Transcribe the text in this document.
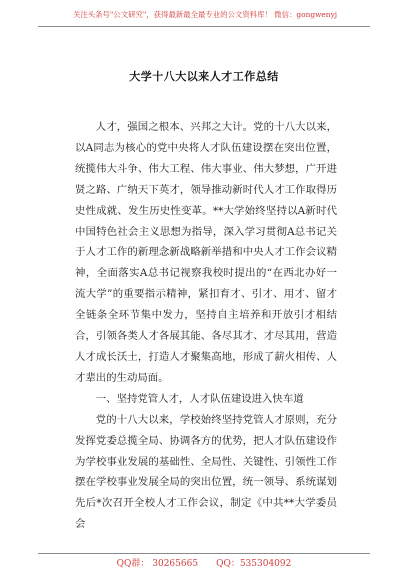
关注头条号"公文研究"，获得最新最全最专业的公文资料库！ 微信：gongwenyj
大学十八大以来人才工作总结

人才，强国之根本、兴邦之大计。党的十八大以来，以A同志为核心的党中央将人才队伍建设摆在突出位置，统揽伟大斗争、伟大工程、伟大事业、伟大梦想，广开进贤之路、广纳天下英才，领导推动新时代人才工作取得历史性成就、发生历史性变革。**大学始终坚持以A新时代中国特色社会主义思想为指导，深入学习贯彻A总书记关于人才工作的新理念新战略新举措和中央人才工作会议精神，全面落实A总书记视察我校时提出的“在西北办好一流大学”的重要指示精神，紧扣育才、引才、用才、留才全链条全环节集中发力，坚持自主培养和开放引才相结合，引领各类人才各展其能、各尽其才、才尽其用，营造人才成长沃土，打造人才聚集高地，形成了薪火相传、人才辈出的生动局面。

一、坚持党管人才，人才队伍建设进入快车道

党的十八大以来，学校始终坚持党管人才原则，充分发挥党委总揽全局、协调各方的优势，把人才队伍建设作为学校事业发展的基础性、全局性、关键性、引领性工作摆在学校事业发展全局的突出位置，统一领导、系统谋划先后*次召开全校人才工作会议，制定《中共**大学委员会

QQ群： 30265665 QQ：535304092
